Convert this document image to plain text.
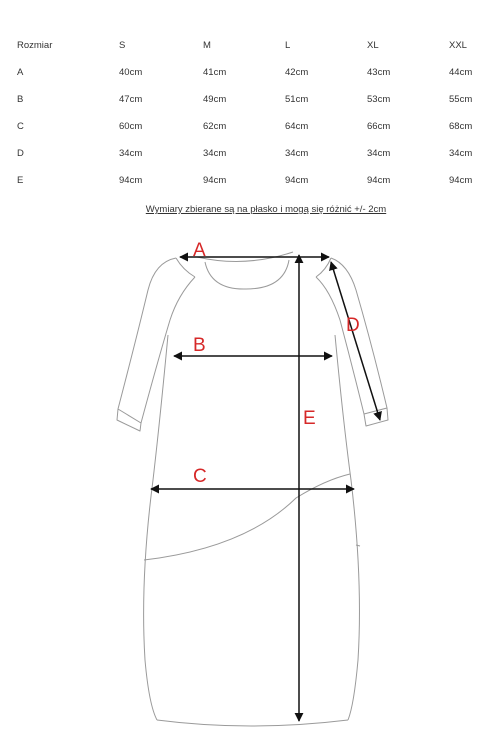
Rozmiar	S	M	L	XL	XXL
A	40cm	41cm	42cm	43cm	44cm
B	47cm	49cm	51cm	53cm	55cm
C	60cm	62cm	64cm	66cm	68cm
D	34cm	34cm	34cm	34cm	34cm
E	94cm	94cm	94cm	94cm	94cm
Wymiary zbierane są na płasko i mogą się różnić +/- 2cm
A
B
C
D
E
